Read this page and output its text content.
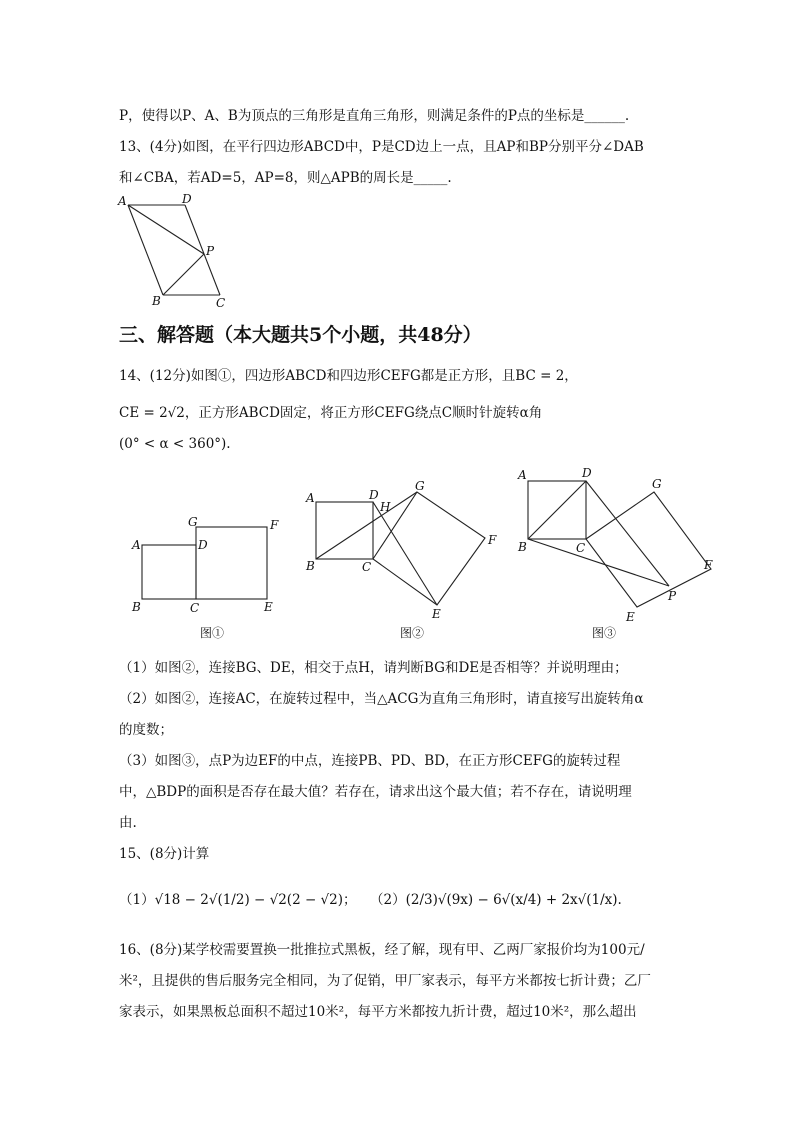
P，使得以P、A、B为顶点的三角形是直角三角形，则满足条件的P点的坐标是______.
13、(4分)如图，在平行四边形ABCD中，P是CD边上一点，且AP和BP分别平分∠DAB
和∠CBA，若AD=5，AP=8，则△APB的周长是_____.
A	D
P
B	C
三、解答题（本大题共5个小题，共48分）
14、(12分)如图①，四边形ABCD和四边形CEFG都是正方形，且BC = 2，
CE = 2√2，正方形ABCD固定，将正方形CEFG绕点C顺时针旋转α角
(0° < α < 360°).
A
G
D
F
B	C	E
图①
A	D
H
G
F
B	C
E
图②
A	D
G
F
B	C
P
E
图③
（1）如图②，连接BG、DE，相交于点H，请判断BG和DE是否相等？并说明理由；
（2）如图②，连接AC，在旋转过程中，当△ACG为直角三角形时，请直接写出旋转角α
的度数；
（3）如图③，点P为边EF的中点，连接PB、PD、BD，在正方形CEFG的旋转过程
中，△BDP的面积是否存在最大值？若存在，请求出这个最大值；若不存在，请说明理
由.
15、(8分)计算
（1）√18 − 2√(1/2) − √2(2 − √2)； （2）(2/3)√(9x) − 6√(x/4) + 2x√(1/x).
16、(8分)某学校需要置换一批推拉式黑板，经了解，现有甲、乙两厂家报价均为100元/
米²，且提供的售后服务完全相同，为了促销，甲厂家表示，每平方米都按七折计费；乙厂
家表示，如果黑板总面积不超过10米²，每平方米都按九折计费，超过10米²，那么超出
